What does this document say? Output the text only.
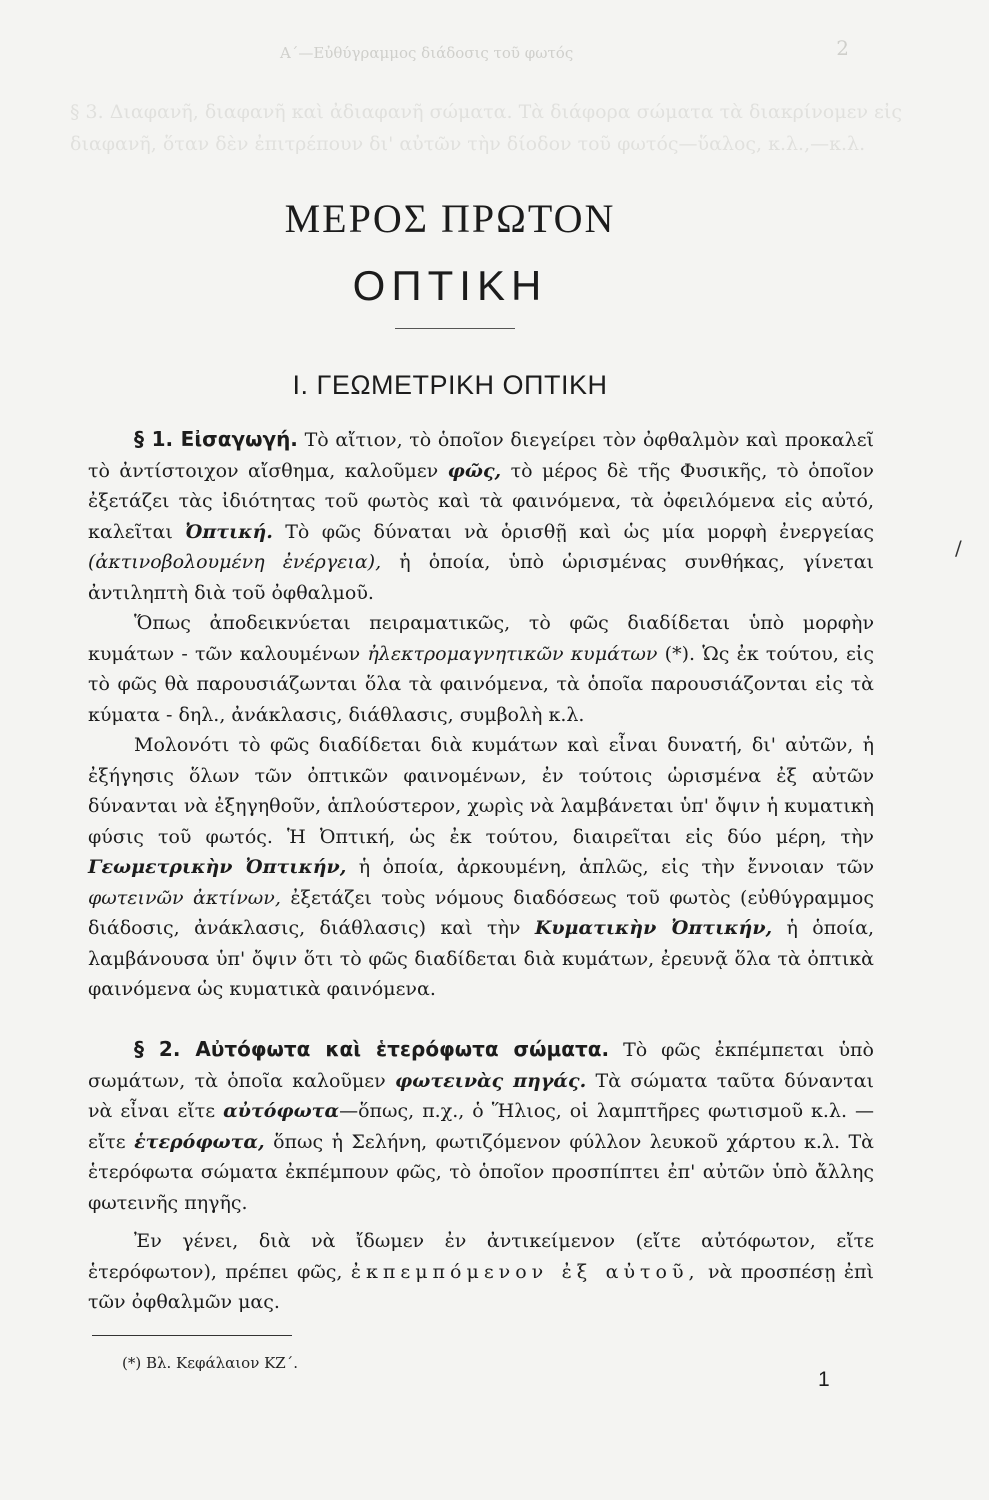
Α΄—Εὐθύγραμμος διάδοσις τοῦ φωτός	2
§ 3. Διαφανῆ, διαφανῆ καὶ ἀδιαφανῆ σώματα. Τὰ διάφορα σώματα τὰ διακρίνομεν εἰς διαφανῆ, ὅταν δὲν ἐπιτρέπουν δι' αὐτῶν τὴν δίοδον τοῦ φωτός—ὕαλος, κ.λ.,—κ.λ.
ΜΕΡΟΣ ΠΡΩΤΟΝ
ΟΠΤΙΚΗ
I. ΓΕΩΜΕΤΡΙΚΗ ΟΠΤΙΚΗ

§ 1. Εἰσαγωγή. Τὸ αἴτιον, τὸ ὁποῖον διεγείρει τὸν ὀφθαλμὸν καὶ προκαλεῖ τὸ ἀντίστοιχον αἴσθημα, καλοῦμεν φῶς, τὸ μέρος δὲ τῆς Φυσικῆς, τὸ ὁποῖον ἐξετάζει τὰς ἰδιότητας τοῦ φωτὸς καὶ τὰ φαινόμενα, τὰ ὀφειλόμενα εἰς αὐτό, καλεῖται Ὀπτική. Τὸ φῶς δύναται νὰ ὁρισθῇ καὶ ὡς μία μορφὴ ἐνεργείας (ἀκτινοβολουμένη ἐνέργεια), ἡ ὁποία, ὑπὸ ὡρισμένας συνθήκας, γίνεται ἀντιληπτὴ διὰ τοῦ ὀφθαλμοῦ.

Ὅπως ἀποδεικνύεται πειραματικῶς, τὸ φῶς διαδίδεται ὑπὸ μορφὴν κυμάτων - τῶν καλουμένων ἠλεκτρομαγνητικῶν κυμάτων (*). Ὡς ἐκ τούτου, εἰς τὸ φῶς θὰ παρουσιάζωνται ὅλα τὰ φαινόμενα, τὰ ὁποῖα παρουσιάζονται εἰς τὰ κύματα - δηλ., ἀνάκλασις, διάθλασις, συμβολὴ κ.λ.

Μολονότι τὸ φῶς διαδίδεται διὰ κυμάτων καὶ εἶναι δυνατή, δι' αὐτῶν, ἡ ἐξήγησις ὅλων τῶν ὀπτικῶν φαινομένων, ἐν τούτοις ὡρισμένα ἐξ αὐτῶν δύνανται νὰ ἐξηγηθοῦν, ἁπλούστερον, χωρὶς νὰ λαμβάνεται ὑπ' ὄψιν ἡ κυματικὴ φύσις τοῦ φωτός. Ἡ Ὀπτική, ὡς ἐκ τούτου, διαιρεῖται εἰς δύο μέρη, τὴν Γεωμετρικὴν Ὀπτικήν, ἡ ὁποία, ἀρκουμένη, ἁπλῶς, εἰς τὴν ἔννοιαν τῶν φωτεινῶν ἀκτίνων, ἐξετάζει τοὺς νόμους διαδόσεως τοῦ φωτὸς (εὐθύγραμμος διάδοσις, ἀνάκλασις, διάθλασις) καὶ τὴν Κυματικὴν Ὀπτικήν, ἡ ὁποία, λαμβάνουσα ὑπ' ὄψιν ὅτι τὸ φῶς διαδίδεται διὰ κυμάτων, ἐρευνᾷ ὅλα τὰ ὀπτικὰ φαινόμενα ὡς κυματικὰ φαινόμενα.

§ 2. Αὐτόφωτα καὶ ἑτερόφωτα σώματα. Τὸ φῶς ἐκπέμπεται ὑπὸ σωμάτων, τὰ ὁποῖα καλοῦμεν φωτεινὰς πηγάς. Τὰ σώματα ταῦτα δύνανται νὰ εἶναι εἴτε αὐτόφωτα—ὅπως, π.χ., ὁ Ἥλιος, οἱ λαμπτῆρες φωτισμοῦ κ.λ. —εἴτε ἑτερόφωτα, ὅπως ἡ Σελήνη, φωτιζόμενον φύλλον λευκοῦ χάρτου κ.λ. Τὰ ἑτερόφωτα σώματα ἐκπέμπουν φῶς, τὸ ὁποῖον προσπίπτει ἐπ' αὐτῶν ὑπὸ ἄλλης φωτεινῆς πηγῆς.

Ἐν γένει, διὰ νὰ ἴδωμεν ἐν ἀντικείμενον (εἴτε αὐτόφωτον, εἴτε ἑτερόφωτον), πρέπει φῶς, ἐκπεμπόμενον ἐξ αὐτοῦ, νὰ προσπέσῃ ἐπὶ τῶν ὀφθαλμῶν μας.

/
(*) Βλ. Κεφάλαιον ΚΖ΄.
1
